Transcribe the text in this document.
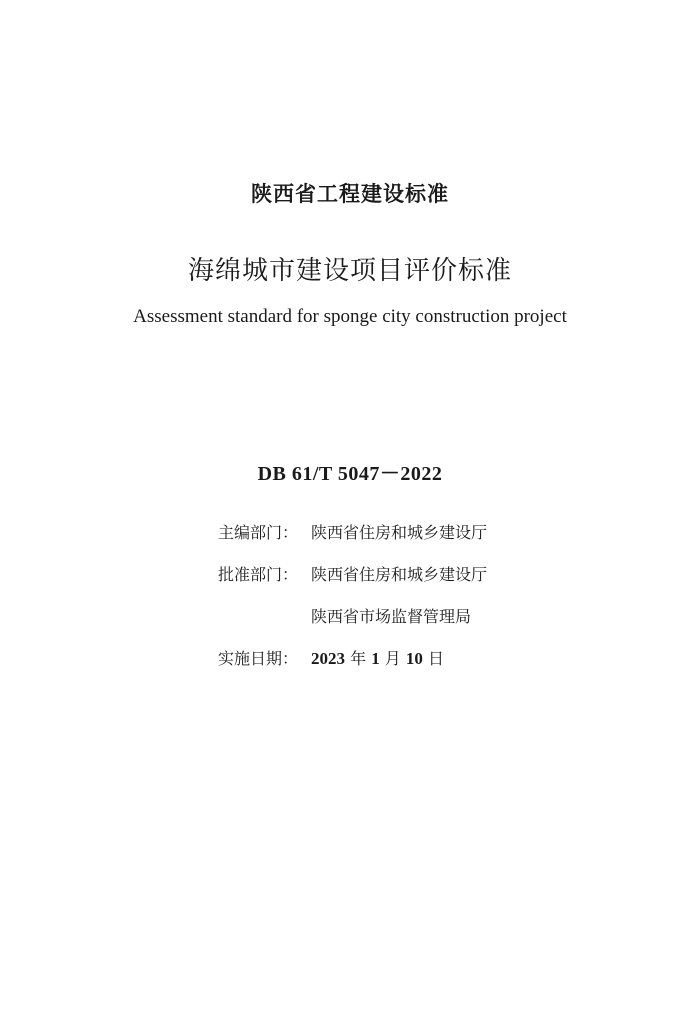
陕西省工程建设标准
海绵城市建设项目评价标准
Assessment standard for sponge city construction project
DB 61/T 5047－2022
主编部门： 陕西省住房和城乡建设厅
批准部门： 陕西省住房和城乡建设厅
陕西省市场监督管理局
实施日期： 2023 年 1 月 10 日
